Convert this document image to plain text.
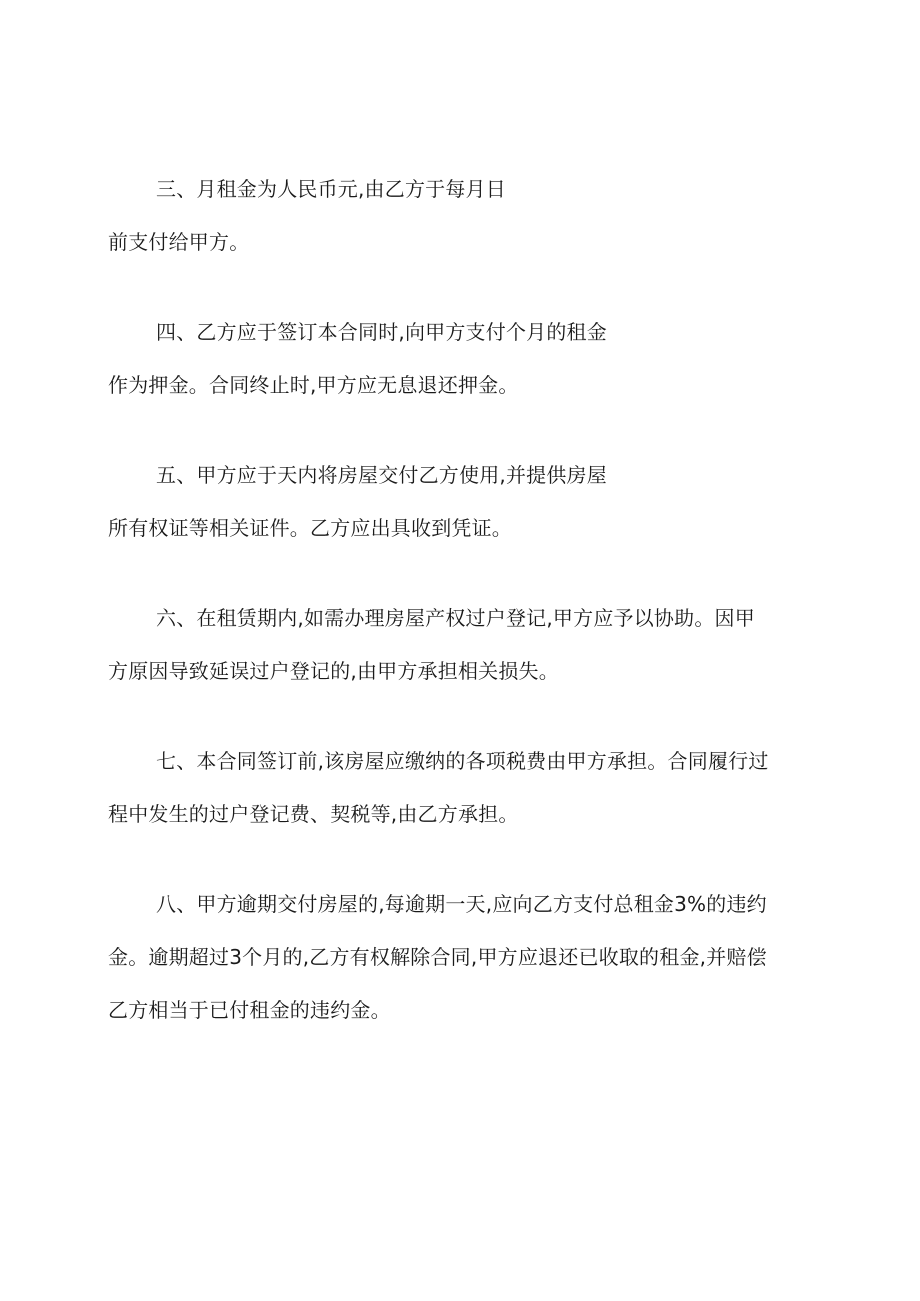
三、月租金为人民币元,由乙方于每月日
前支付给甲方。

四、乙方应于签订本合同时,向甲方支付个月的租金
作为押金。合同终止时,甲方应无息退还押金。

五、甲方应于天内将房屋交付乙方使用,并提供房屋
所有权证等相关证件。乙方应出具收到凭证。

六、在租赁期内,如需办理房屋产权过户登记,甲方应予以协助。因甲
方原因导致延误过户登记的,由甲方承担相关损失。

七、本合同签订前,该房屋应缴纳的各项税费由甲方承担。合同履行过
程中发生的过户登记费、契税等,由乙方承担。

八、甲方逾期交付房屋的,每逾期一天,应向乙方支付总租金3%的违约
金。逾期超过3个月的,乙方有权解除合同,甲方应退还已收取的租金,并赔偿
乙方相当于已付租金的违约金。
